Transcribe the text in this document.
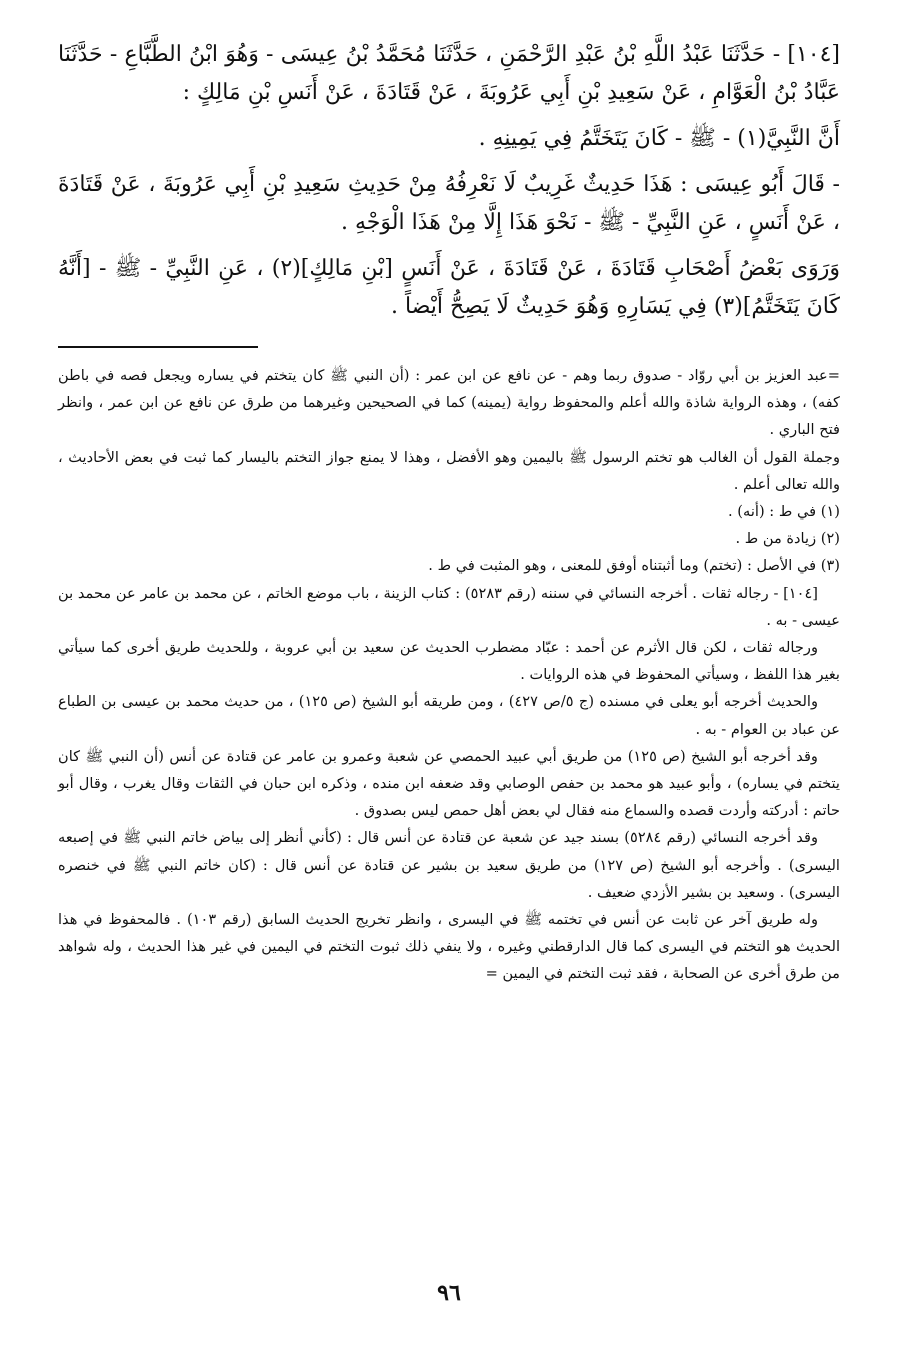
[١٠٤] - حَدَّثَنَا عَبْدُ اللَّهِ بْنُ عَبْدِ الرَّحْمَنِ ، حَدَّثَنَا مُحَمَّدُ بْنُ عِيسَى - وَهُوَ ابْنُ الطَّبَّاعِ - حَدَّثَنَا عَبَّادُ بْنُ الْعَوَّامِ ، عَنْ سَعِيدِ بْنِ أَبِي عَرُوبَةَ ، عَنْ قَتَادَةَ ، عَنْ أَنَسِ بْنِ مَالِكٍ :

أَنَّ النَّبِيَّ(١) - ﷺ - كَانَ يَتَخَتَّمُ فِي يَمِينِهِ .

- قَالَ أَبُو عِيسَى : هَذَا حَدِيثٌ غَرِيبٌ لَا نَعْرِفُهُ مِنْ حَدِيثِ سَعِيدِ بْنِ أَبِي عَرُوبَةَ ، عَنْ قَتَادَةَ ، عَنْ أَنَسٍ ، عَنِ النَّبِيِّ - ﷺ - نَحْوَ هَذَا إِلَّا مِنْ هَذَا الْوَجْهِ .

وَرَوَى بَعْضُ أَصْحَابِ قَتَادَةَ ، عَنْ قَتَادَةَ ، عَنْ أَنَسٍ [بْنِ مَالِكٍ](٢) ، عَنِ النَّبِيِّ - ﷺ - [أَنَّهُ كَانَ يَتَخَتَّمُ](٣) فِي يَسَارِهِ وَهُوَ حَدِيثٌ لَا يَصِحُّ أَيْضاً .

=عبد العزيز بن أبي روّاد - صدوق ربما وهم - عن نافع عن ابن عمر : (أن النبي ﷺ كان يتختم في يساره ويجعل فصه في باطن كفه) ، وهذه الرواية شاذة والله أعلم والمحفوظ رواية (يمينه) كما في الصحيحين وغيرهما من طرق عن نافع عن ابن عمر ، وانظر فتح الباري .

وجملة القول أن الغالب هو تختم الرسول ﷺ باليمين وهو الأفضل ، وهذا لا يمنع جواز التختم باليسار كما ثبت في بعض الأحاديث ، والله تعالى أعلم .

(١) في ط : (أنه) .

(٢) زيادة من ط .

(٣) في الأصل : (تختم) وما أثبتناه أوفق للمعنى ، وهو المثبت في ط .

[١٠٤] - رجاله ثقات . أخرجه النسائي في سننه (رقم ٥٢٨٣) : كتاب الزينة ، باب موضع الخاتم ، عن محمد بن عامر عن محمد بن عيسى - به .

ورجاله ثقات ، لكن قال الأثرم عن أحمد : عبّاد مضطرب الحديث عن سعيد بن أبي عروبة ، وللحديث طريق أخرى كما سيأتي بغير هذا اللفظ ، وسيأتي المحفوظ في هذه الروايات .

والحديث أخرجه أبو يعلى في مسنده (ج ٥/ص ٤٢٧) ، ومن طريقه أبو الشيخ (ص ١٢٥) ، من حديث محمد بن عيسى بن الطباع عن عباد بن العوام - به .

وقد أخرجه أبو الشيخ (ص ١٢٥) من طريق أبي عبيد الحمصي عن شعبة وعمرو بن عامر عن قتادة عن أنس (أن النبي ﷺ كان يتختم في يساره) ، وأبو عبيد هو محمد بن حفص الوصابي وقد ضعفه ابن منده ، وذكره ابن حبان في الثقات وقال يغرب ، وقال أبو حاتم : أدركته وأردت قصده والسماع منه فقال لي بعض أهل حمص ليس بصدوق .

وقد أخرجه النسائي (رقم ٥٢٨٤) بسند جيد عن شعبة عن قتادة عن أنس قال : (كأني أنظر إلى بياض خاتم النبي ﷺ في إصبعه اليسرى) . وأخرجه أبو الشيخ (ص ١٢٧) من طريق سعيد بن بشير عن قتادة عن أنس قال : (كان خاتم النبي ﷺ في خنصره اليسرى) . وسعيد بن بشير الأزدي ضعيف .

وله طريق آخر عن ثابت عن أنس في تختمه ﷺ في اليسرى ، وانظر تخريج الحديث السابق (رقم ١٠٣) . فالمحفوظ في هذا الحديث هو التختم في اليسرى كما قال الدارقطني وغيره ، ولا ينفي ذلك ثبوت التختم في اليمين في غير هذا الحديث ، وله شواهد من طرق أخرى عن الصحابة ، فقد ثبت التختم في اليمين =

٩٦
